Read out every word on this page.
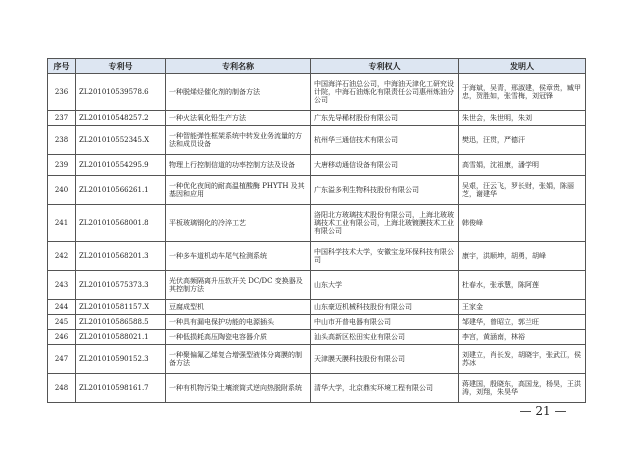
序号	专利号	专利名称	专利权人	发明人
236	ZL201010539578.6	一种脱烯烃催化剂的制备方法	中国海洋石油总公司，中海油天津化工研究设计院，中海石油炼化有限责任公司惠州炼油分公司	于海斌，吴青，邢淑建，侯章贵，臧甲忠，贺胜如，张雪梅，刘冠锋
237	ZL201010548257.2	一种火法氧化铅生产方法	广东先导稀材股份有限公司	朱世会，朱世明，朱刘
238	ZL201010552345.X	一种智能弹性框架系统中转发业务流量的方法和成员设备	杭州华三通信技术有限公司	樊迅，汪贯，严德汗
239	ZL201010554295.9	物理上行控制信道的功率控制方法及设备	大唐移动通信设备有限公司	高雪娟，沈祖康，潘学明
240	ZL201010566261.1	一种优化夜间的耐高温植酸酶 PHYTH 及其基因和应用	广东溢多利生物科技股份有限公司	吴艰，汪云飞，罗长财，张娟，陈丽芝，谢建华
241	ZL201010568001.8	平板玻璃钢化的冷淬工艺	洛阳北方玻璃技术股份有限公司，上海北玻玻璃技术工业有限公司，上海北玻镀膜技术工业有限公司	韩俊峰
242	ZL201010568201.3	一种多车道机动车尾气检测系统	中国科学技术大学，安徽宝龙环保科技有限公司	康宇，洪顺坤，胡勇，胡峰
243	ZL201010575373.3	光伏高频隔离升压软开关 DC/DC 变换器及其控制方法	山东大学	杜春水，张承慧，陈阿莲
244	ZL201010581157.X	豆腐成型机	山东豪迈机械科技股份有限公司	王家金
245	ZL201010586588.5	一种具有漏电保护功能的电源插头	中山市开普电器有限公司	邹建华，曾昭立，郭兰旺
246	ZL201010588021.1	一种低损耗高压陶瓷电容器介质	汕头高新区松田实业有限公司	李宫，黄涵南，林裕
247	ZL201010590152.3	一种聚偏氟乙烯复合增强型液体分离膜的制备方法	天津膜天膜科技股份有限公司	刘建立，肖长发，胡晓宇，张武江，侯苏冰
248	ZL201010598161.7	一种有机物污染土壤滚筒式逆向热脱附系统	清华大学，北京鼎实环境工程有限公司	蒋建国，殷晓东，高国龙，杨昊，王洪涛，刘翔，朱昊华
— 21 —
